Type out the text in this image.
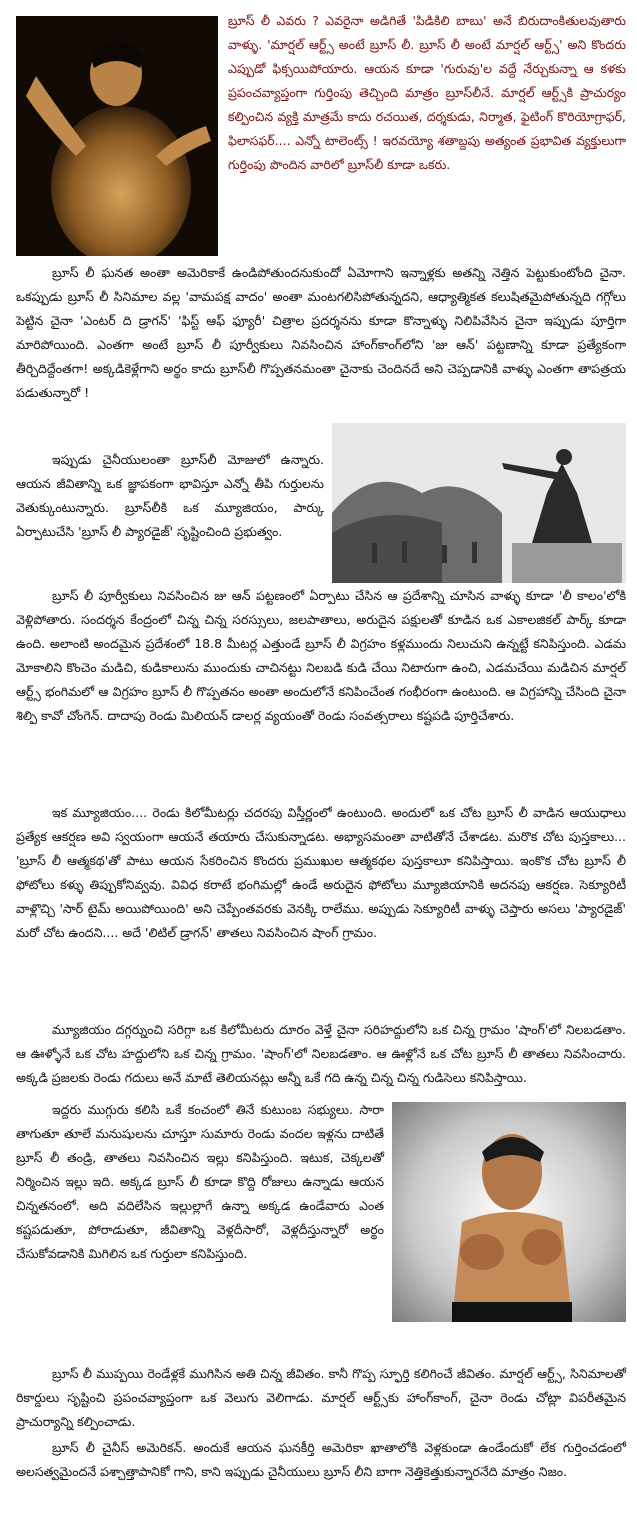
బ్రూస్ లీ ఎవరు ? ఎవరైనా అడిగితే 'పిడికిలి బాబు' అనే బిరుదాంకితులవుతారు వాళ్ళు. 'మార్షల్ ఆర్ట్స్ అంటే బ్రూస్ లీ. బ్రూస్ లీ అంటే మార్షల్ ఆర్ట్స్' అని కొందరు ఎప్పుడో ఫిక్సయిపోయారు. ఆయన కూడా 'గురువు'ల వద్దే నేర్చుకున్నా ఆ కళకు ప్రపంచవ్యాప్తంగా గుర్తింపు తెచ్చింది మాత్రం బ్రూస్‌లీనే. మార్షల్ ఆర్ట్స్‌కి ప్రాచుర్యం కల్పించిన వ్యక్తి మాత్రమే కాదు రచయిత, దర్శకుడు, నిర్మాత, ఫైటింగ్ కొరియోగ్రాఫర్, ఫిలాసఫర్.... ఎన్నో టాలెంట్స్ ! ఇరవయ్యో శతాబ్దపు అత్యంత ప్రభావిత వ్యక్తులుగా గుర్తింపు పొందిన వారిలో బ్రూస్‌లీ కూడా ఒకరు.

బ్రూస్ లీ ఘనత అంతా అమెరికాకే ఉండిపోతుందనుకుందో ఏమోగాని ఇన్నాళ్లకు అతన్ని నెత్తిన పెట్టుకుంటోంది చైనా. ఒకప్పుడు బ్రూస్ లీ సినిమాల వల్ల 'వామపక్ష వాదం' అంతా మంటగలిసిపోతున్నదని, ఆధ్యాత్మికత కలుషితమైపోతున్నది గగ్గోలు పెట్టిన చైనా 'ఎంటర్ ది డ్రాగన్' 'ఫిస్ట్ ఆఫ్ ఫ్యూరీ' చిత్రాల ప్రదర్శనను కూడా కొన్నాళ్ళు నిలిపివేసిన చైనా ఇప్పుడు పూర్తిగా మారిపోయింది. ఎంతగా అంటే బ్రూస్ లీ పూర్వీకులు నివసించిన హాంగ్‌కాంగ్‌లోని 'జు ఆన్' పట్టణాన్ని కూడా ప్రత్యేకంగా తీర్చిదిద్దేంతగా! అక్కడికెళ్లేగాని అర్థం కాదు బ్రూస్‌లీ గొప్పతనమంతా చైనాకు చెందినదే అని చెప్పడానికి వాళ్ళు ఎంతగా తాపత్రయ పడుతున్నారో !

ఇప్పుడు చైనీయులంతా బ్రూస్‌లీ మోజులో ఉన్నారు. ఆయన జీవితాన్ని ఒక జ్ఞాపకంగా భావిస్తూ ఎన్నో తీపి గుర్తులను వెతుక్కుంటున్నారు. బ్రూస్‌లీకి ఒక మ్యూజియం, పార్కు ఏర్పాటుచేసి 'బ్రూస్ లీ ప్యారడైజ్' సృష్టించింది ప్రభుత్వం.

బ్రూస్ లీ పూర్వీకులు నివసించిన జు ఆన్ పట్టణంలో ఏర్పాటు చేసిన ఆ ప్రదేశాన్ని చూసిన వాళ్ళు కూడా 'లీ కాలం'లోకి వెళ్లిపోతారు. సందర్శన కేంద్రంలో చిన్న చిన్న సరస్సులు, జలపాతాలు, అరుదైన పక్షులతో కూడిన ఒక ఎకాలజికల్ పార్క్ కూడా ఉంది. అలాంటి అందమైన ప్రదేశంలో 18.8 మీటర్ల ఎత్తుండే బ్రూస్ లీ విగ్రహం కళ్లముందు నిలుచుని ఉన్నట్టే కనిపిస్తుంది. ఎడమ మోకాలిని కొంచెం మడిచి, కుడికాలును ముందుకు చాచినట్టు నిలబడి కుడి చేయి నిటారుగా ఉంచి, ఎడమచేయి మడిచిన మార్షల్ ఆర్ట్స్ భంగిమలో ఆ విగ్రహం బ్రూస్ లీ గొప్పతనం అంతా అందులోనే కనిపించేంత గంభీరంగా ఉంటుంది. ఆ విగ్రహాన్ని చేసింది చైనా శిల్పి కావో చోంగెన్. దాదాపు రెండు మిలియన్ డాలర్ల వ్యయంతో రెండు సంవత్సరాలు కష్టపడి పూర్తిచేశారు.

ఇక మ్యూజియం.... రెండు కిలోమీటర్లు చదరపు విస్తీర్ణంలో ఉంటుంది. అందులో ఒక చోట బ్రూస్ లీ వాడిన ఆయుధాలు ప్రత్యేక ఆకర్షణ అవి స్వయంగా ఆయనే తయారు చేసుకున్నాడట. అభ్యాసమంతా వాటితోనే చేశాడట. మరొక చోట పుస్తకాలు... 'బ్రూస్ లీ ఆత్మకథ'తో పాటు ఆయన సేకరించిన కొందరు ప్రముఖుల ఆత్మకథల పుస్తకాలూ కనిపిస్తాయి. ఇంకొక చోట బ్రూస్ లీ ఫోటోలు కళ్ళు తిప్పుకోనివ్వవు. వివిధ కరాటే భంగిమల్లో ఉండే అరుదైన ఫోటోలు మ్యూజియానికి అదనపు ఆకర్షణ. సెక్యూరిటీ వాళ్లొచ్చి 'సార్ టైమ్ అయిపోయింది' అని చెప్పేంతవరకు వెనక్కి రాలేము. అప్పుడు సెక్యూరిటీ వాళ్ళు చెప్తారు అసలు 'ప్యారడైజ్' మరో చోట ఉందని.... అదే 'లిటిల్ డ్రాగన్' తాతలు నివసించిన షాంగ్ గ్రామం.

మ్యూజియం దగ్గర్నుంచి సరిగ్గా ఒక కిలోమీటరు దూరం వెళ్తే చైనా సరిహద్దులోని ఒక చిన్న గ్రామం 'షాంగ్'లో నిలబడతాం. ఆ ఊళ్ళోనే ఒక చోట హద్దులోని ఒక చిన్న గ్రామం. 'షాంగ్'లో నిలబడతాం. ఆ ఊళ్లోనే ఒక చోట బ్రూస్ లీ తాతలు నివసించారు. అక్కడి ప్రజలకు రెండు గదులు అనే మాటే తెలియనట్లు అన్నీ ఒకే గది ఉన్న చిన్న చిన్న గుడిసెలు కనిపిస్తాయి.

ఇద్దరు ముగ్గురు కలిసి ఒకే కంచంలో తినే కుటుంబ సభ్యులు. సారా తాగుతూ తూలే మనుషులను చూస్తూ సుమారు రెండు వందల ఇళ్లను దాటితే బ్రూస్ లీ తండ్రి, తాతలు నివసించిన ఇల్లు కనిపిస్తుంది. ఇటుక, చెక్కలతో నిర్మించిన ఇల్లు ఇది. అక్కడ బ్రూస్ లీ కూడా కొద్ది రోజులు ఉన్నాడు ఆయన చిన్నతనంలో. అది వదిలేసిన ఇల్లుల్లాగే ఉన్నా అక్కడ ఉండేవారు ఎంత కష్టపడుతూ, పోరాడుతూ, జీవితాన్ని వెళ్లదీసారో, వెళ్లదీస్తున్నారో అర్థం చేసుకోవడానికి మిగిలిన ఒక గుర్తులా కనిపిస్తుంది.

బ్రూస్ లీ ముప్పయి రెండేళ్లకే ముగిసిన అతి చిన్న జీవితం. కానీ గొప్ప స్ఫూర్తి కలిగించే జీవితం. మార్షల్ ఆర్ట్స్, సినిమాలతో రికార్డులు సృష్టించి ప్రపంచవ్యాప్తంగా ఒక వెలుగు వెలిగాడు. మార్షల్ ఆర్ట్స్‌కు హాంగ్‌కాంగ్, చైనా రెండు చోట్లా విపరీతమైన ప్రాచుర్యాన్ని కల్పించాడు.

బ్రూస్ లీ చైనీస్ అమెరికన్. అందుకే ఆయన ఘనకీర్తి అమెరికా ఖాతాలోకి వెళ్లకుండా ఉండేందుకో లేక గుర్తించడంలో అలసత్వమైందనే పశ్చాత్తాపానికో గాని, కాని ఇప్పుడు చైనీయులు బ్రూస్ లీని బాగా నెత్తికెత్తుకున్నారనేది మాత్రం నిజం.
